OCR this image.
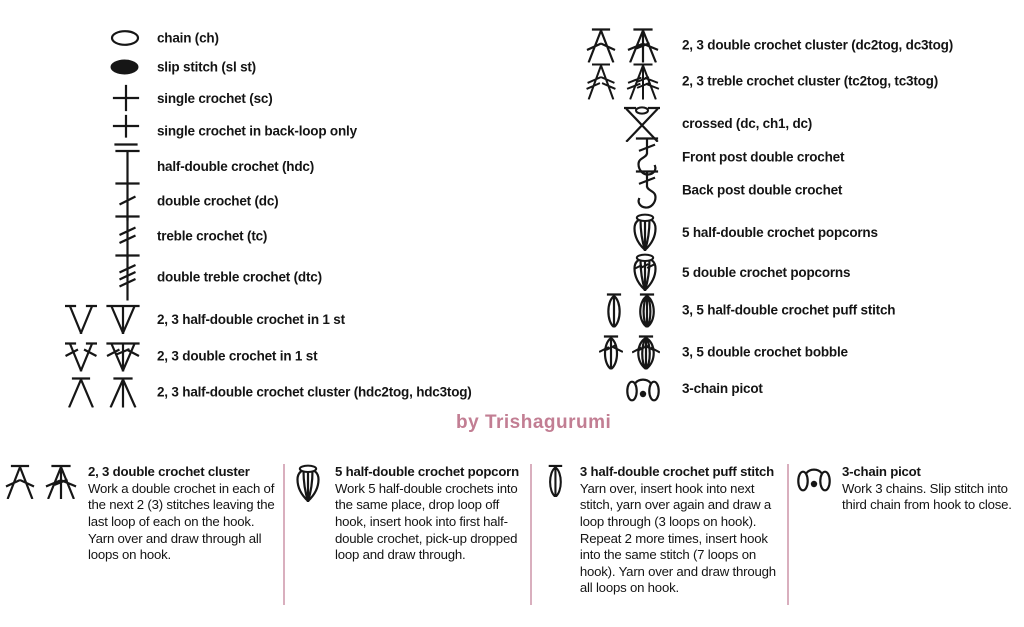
chain (ch)
slip stitch (sl st)
single crochet (sc)
single crochet in back-loop only
half-double crochet (hdc)
double crochet (dc)
treble crochet (tc)
double treble crochet (dtc)
2, 3 half-double crochet in 1 st
2, 3 double crochet in 1 st
2, 3 half-double crochet cluster (hdc2tog, hdc3tog)
2, 3 double crochet cluster (dc2tog, dc3tog)
2, 3 treble crochet cluster (tc2tog, tc3tog)
crossed (dc, ch1, dc)
Front post double crochet
Back post double crochet
5 half-double crochet popcorns
5 double crochet popcorns
3, 5 half-double crochet puff stitch
3, 5 double crochet bobble
3-chain picot
by Trishagurumi
2, 3 double crochet cluster
Work a double crochet in each of the next 2 (3) stitches leaving the last loop of each on the hook. Yarn over and draw through all loops on hook.
5 half-double crochet popcorn
Work 5 half-double crochets into the same place, drop loop off hook, insert hook into first half-double crochet, pick-up dropped loop and draw through.
3 half-double crochet puff stitch
Yarn over, insert hook into next stitch, yarn over again and draw a loop through (3 loops on hook). Repeat 2 more times, insert hook into the same stitch (7 loops on hook). Yarn over and draw through all loops on hook.
3-chain picot
Work 3 chains. Slip stitch into third chain from hook to close.
